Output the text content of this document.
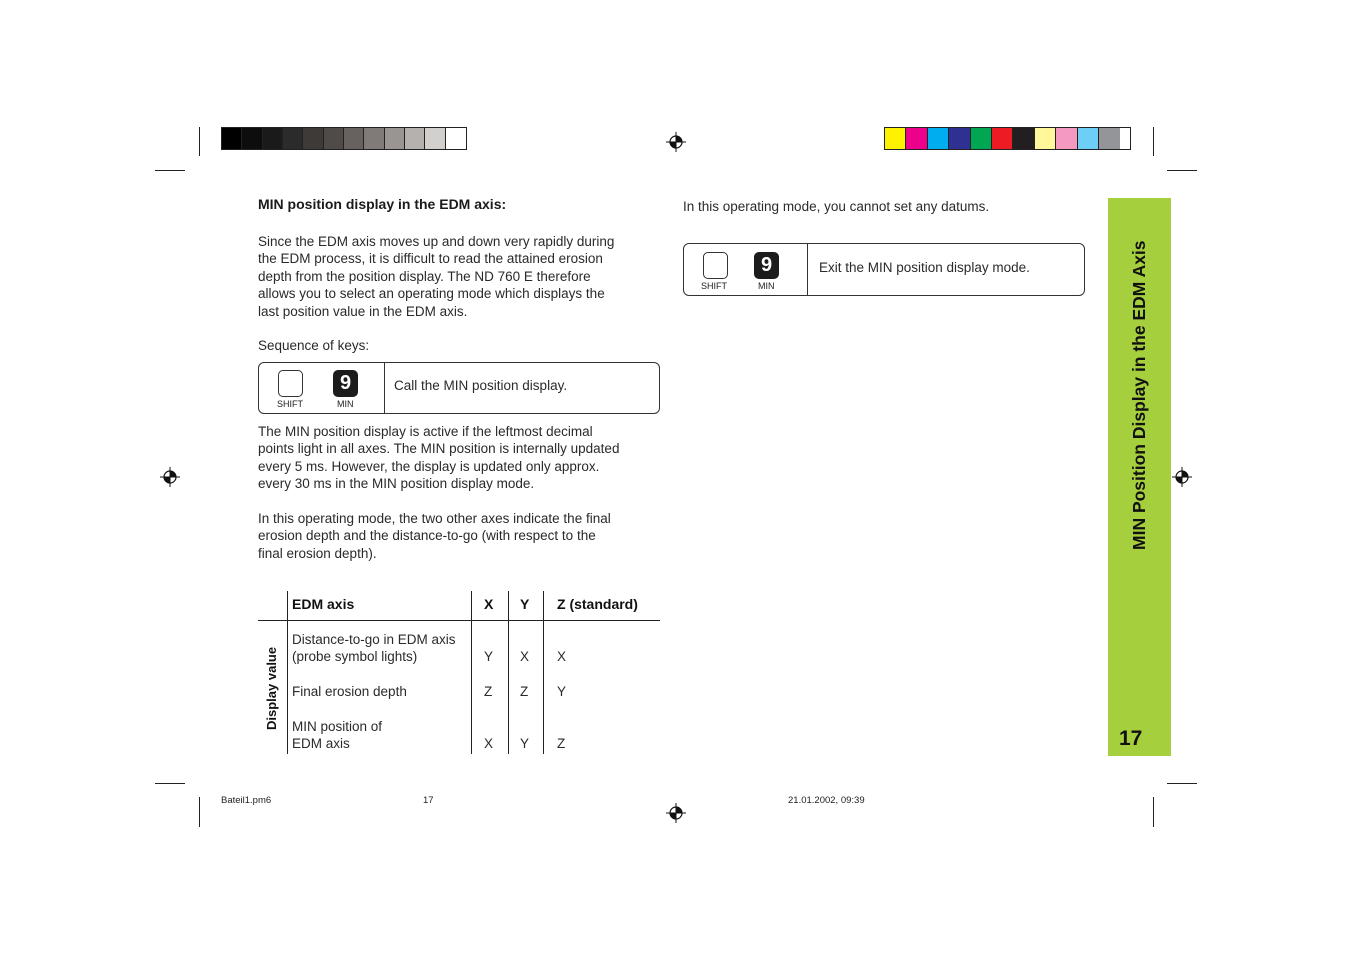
MIN position display in the EDM axis:
Since the EDM axis moves up and down very rapidly during
the EDM process, it is difficult to read the attained erosion
depth from the position display. The ND 760 E therefore
allows you to select an operating mode which displays the
last position value in the EDM axis.
Sequence of keys:
SHIFT
9
MIN
Call the MIN position display.
The MIN position display is active if the leftmost decimal
points light in all axes. The MIN position is internally updated
every 5 ms. However, the display is updated only approx.
every 30 ms in the MIN position display mode.
In this operating mode, the two other axes indicate the final
erosion depth and the distance-to-go (with respect to the
final erosion depth).
EDM axis	X Y Z (standard)
Display value
Distance-to-go in EDM axis
(probe symbol lights)	Y X X
Final erosion depth	Z Z Y
MIN position of
EDM axis	X Y Z
In this operating mode, you cannot set any datums.
SHIFT
9
MIN
Exit the MIN position display mode.	MIN Position Display in the EDM Axis
17
Bateil1.pm6	17	21.01.2002, 09:39
